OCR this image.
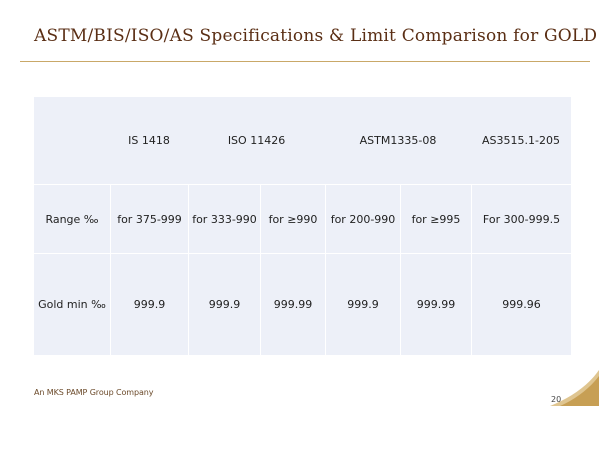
ASTM/BIS/ISO/AS Specifications & Limit Comparison for GOLD
	IS 1418	ISO 11426		ASTM1335-08		AS3515.1-205
Range ‰	for 375-999	for 333-990	for ≥990	for 200-990	for ≥995	For 300-999.5
Gold min ‰	999.9	999.9	999.99	999.9	999.99	999.96
An MKS PAMP Group Company
20
